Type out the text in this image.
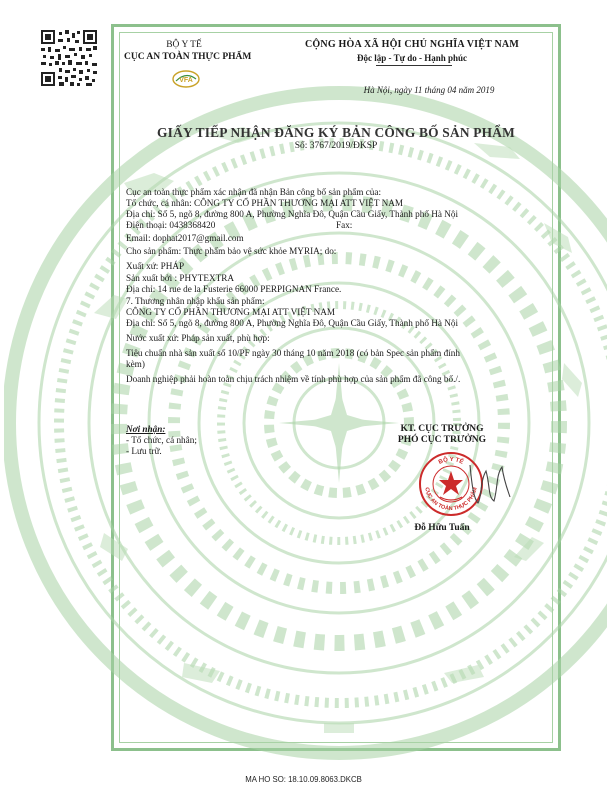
BỘ Y TẾ
CỤC AN TOÀN THỰC PHẨM
VFA
CỘNG HÒA XÃ HỘI CHỦ NGHĨA VIỆT NAM
Độc lập - Tự do - Hạnh phúc
Hà Nội, ngày 11 tháng 04 năm 2019
GIẤY TIẾP NHẬN ĐĂNG KÝ BẢN CÔNG BỐ SẢN PHẨM
Số: 3767/2019/ĐKSP
Cục an toàn thực phẩm xác nhận đã nhận Bản công bố sản phẩm của:
Tổ chức, cá nhân: CÔNG TY CỔ PHẦN THƯƠNG MẠI ATT VIỆT NAM
Địa chỉ: Số 5, ngõ 8, đường 800 A, Phường Nghĩa Đô, Quận Cầu Giấy, Thành phố Hà Nội
Điện thoại: 0438368420	Fax:
Email: dophat2017@gmail.com
Cho sản phẩm: Thực phẩm bảo vệ sức khỏe MYRIA; do:
Xuất xứ: PHÁP
Sản xuất bởi : PHYTEXTRA
Địa chỉ: 14 rue de la Fusterie 66000 PERPIGNAN France.
7. Thương nhân nhập khẩu sản phẩm:
CÔNG TY CỔ PHẦN THƯƠNG MẠI ATT VIỆT NAM
Địa chỉ: Số 5, ngõ 8, đường 800 A, Phường Nghĩa Đô, Quận Cầu Giấy, Thành phố Hà Nội
Nước xuất xứ: Pháp sản xuất, phù hợp:
Tiêu chuẩn nhà sản xuất số 10/PF ngày 30 tháng 10 năm 2018 (có bản Spec sản phẩm đính
kèm)
Doanh nghiệp phải hoàn toàn chịu trách nhiệm về tính phù hợp của sản phẩm đã công bố./.
Nơi nhận:
- Tổ chức, cá nhân;
- Lưu trữ.
KT. CỤC TRƯỞNG
PHÓ CỤC TRƯỞNG
BỘ Y TẾ
CỤC AN TOÀN THỰC PHẨM
Đỗ Hữu Tuấn
MA HO SO: 18.10.09.8063.DKCB
